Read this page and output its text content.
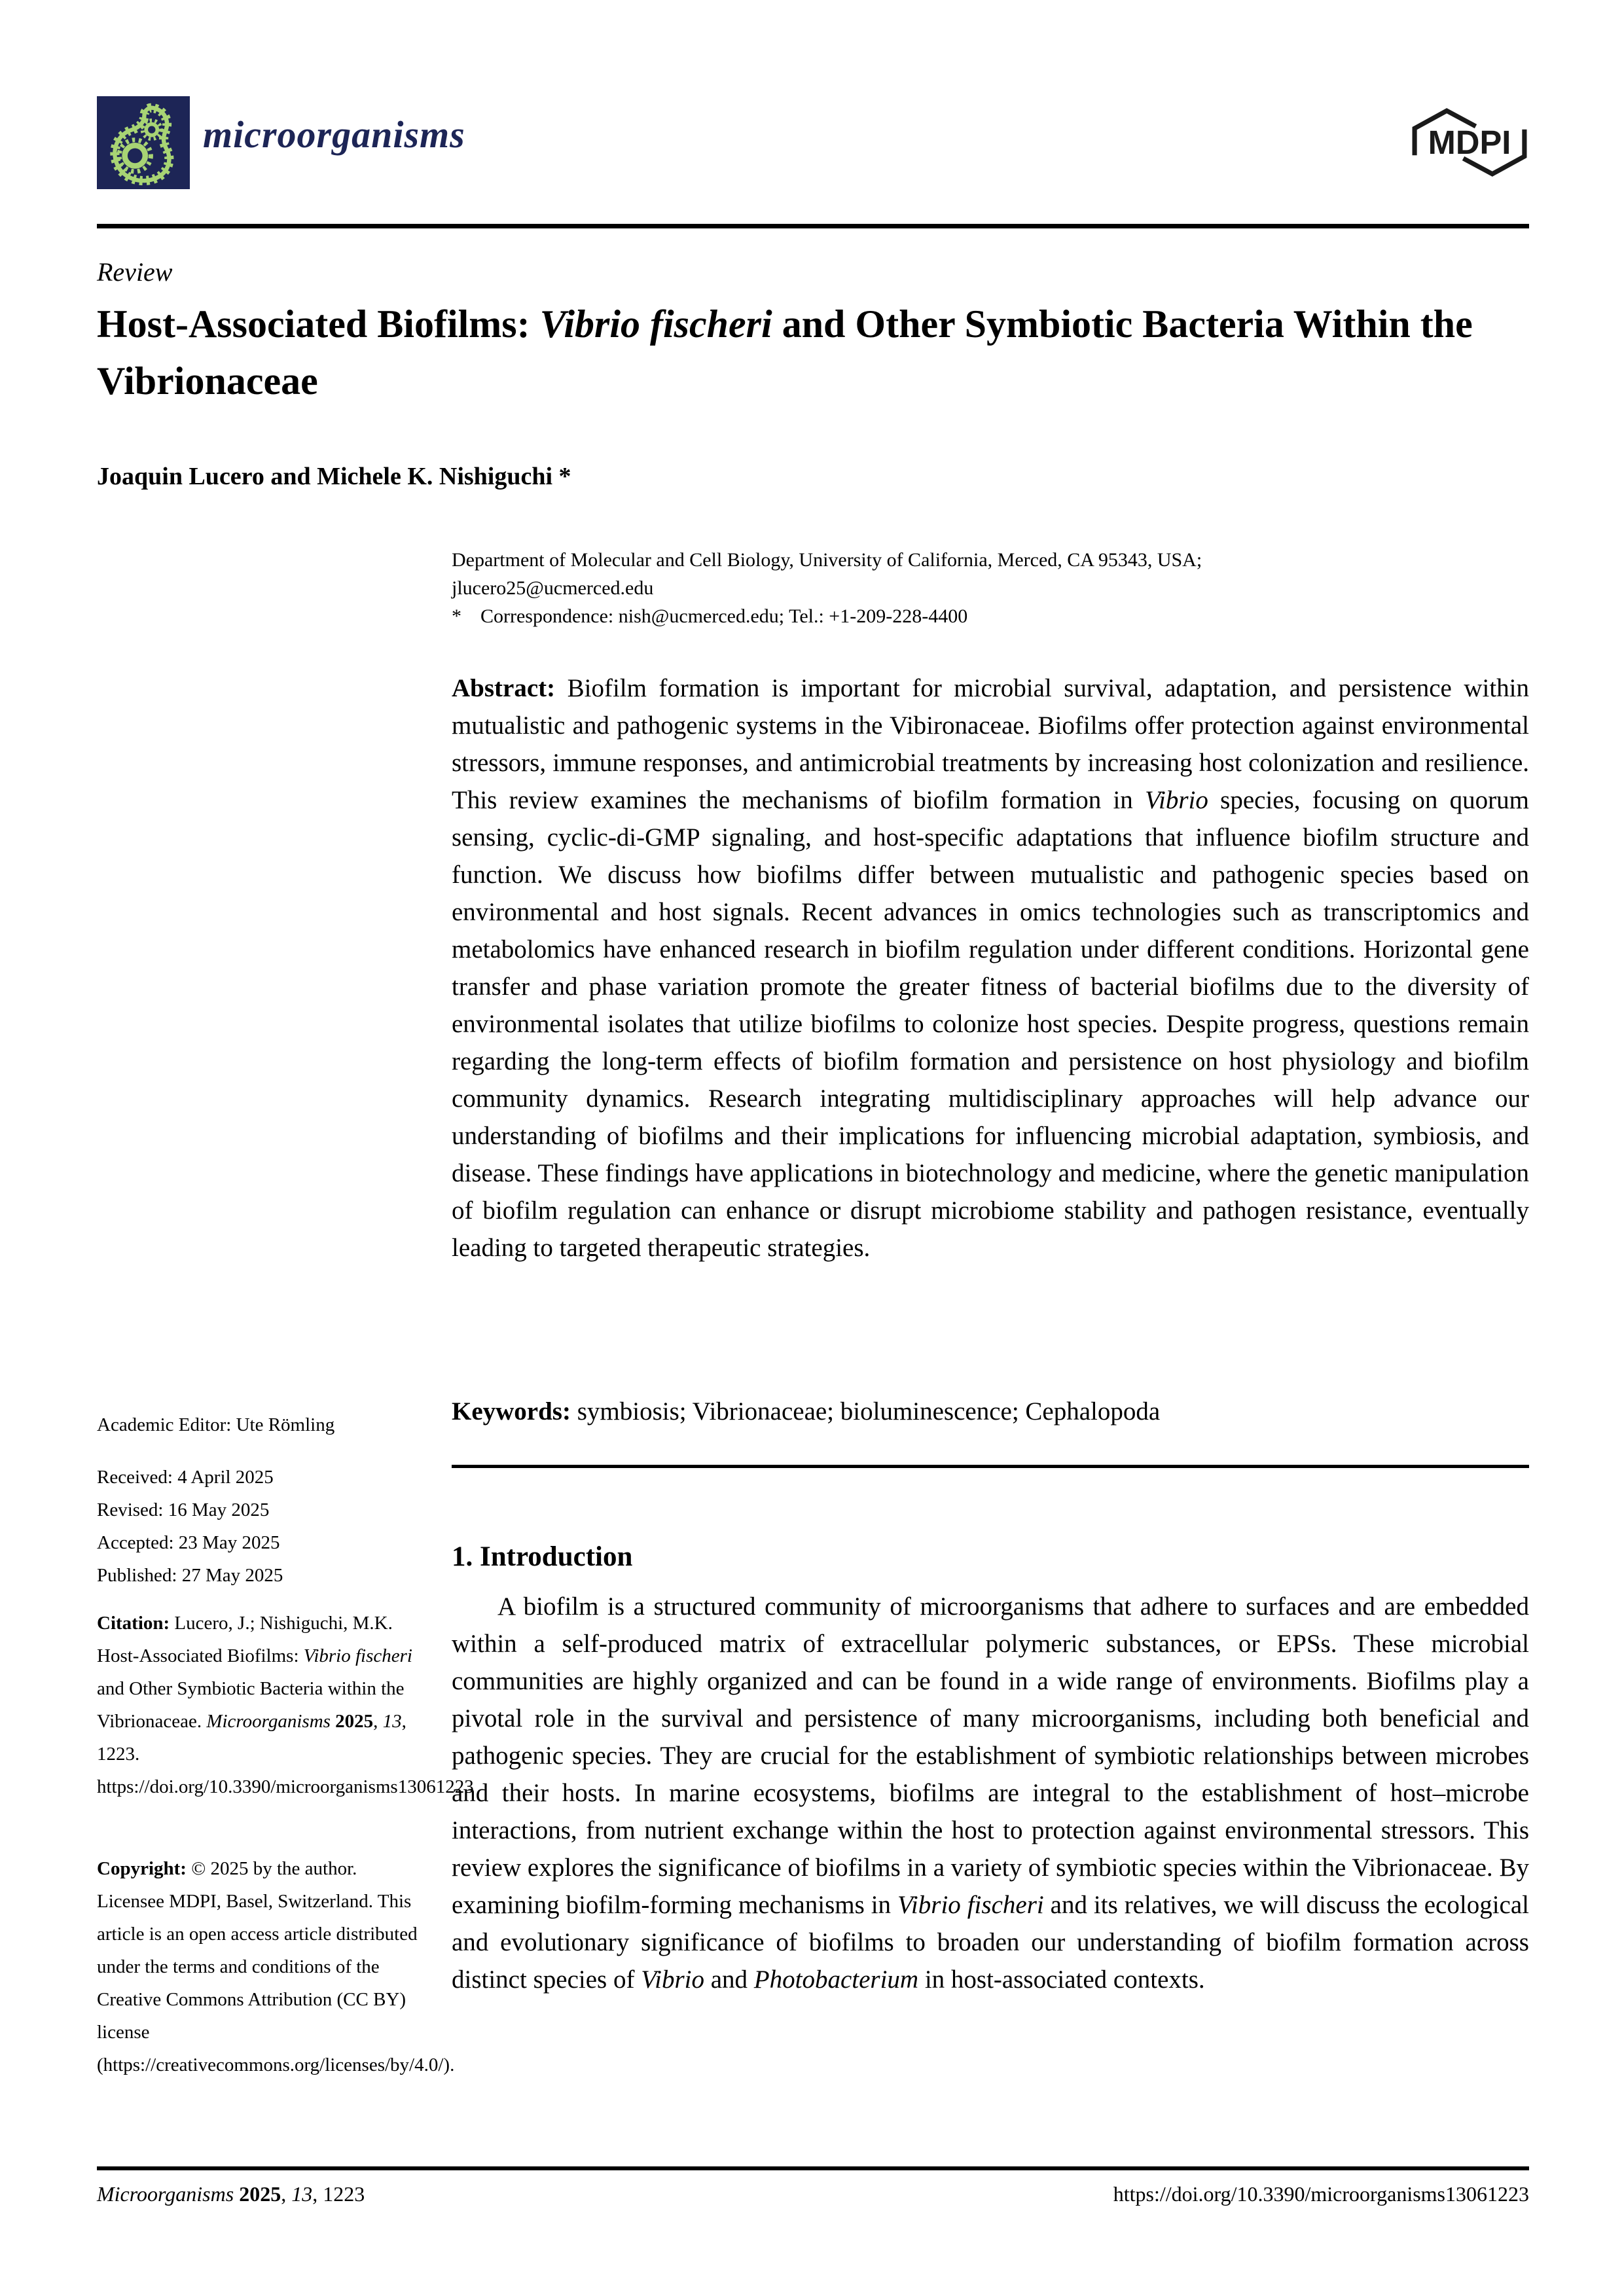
microorganisms	MDPI
Review
Host-Associated Biofilms: Vibrio fischeri and Other Symbiotic Bacteria Within the Vibrionaceae
Joaquin Lucero and Michele K. Nishiguchi *
Department of Molecular and Cell Biology, University of California, Merced, CA 95343, USA;
jlucero25@ucmerced.edu
* Correspondence: nish@ucmerced.edu; Tel.: +1-209-228-4400
Abstract: Biofilm formation is important for microbial survival, adaptation, and persistence within mutualistic and pathogenic systems in the Vibironaceae. Biofilms offer protection against environmental stressors, immune responses, and antimicrobial treatments by increasing host colonization and resilience. This review examines the mechanisms of biofilm formation in Vibrio species, focusing on quorum sensing, cyclic-di-GMP signaling, and host-specific adaptations that influence biofilm structure and function. We discuss how biofilms differ between mutualistic and pathogenic species based on environmental and host signals. Recent advances in omics technologies such as transcriptomics and metabolomics have enhanced research in biofilm regulation under different conditions. Horizontal gene transfer and phase variation promote the greater fitness of bacterial biofilms due to the diversity of environmental isolates that utilize biofilms to colonize host species. Despite progress, questions remain regarding the long-term effects of biofilm formation and persistence on host physiology and biofilm community dynamics. Research integrating multidisciplinary approaches will help advance our understanding of biofilms and their implications for influencing microbial adaptation, symbiosis, and disease. These findings have applications in biotechnology and medicine, where the genetic manipulation of biofilm regulation can enhance or disrupt microbiome stability and pathogen resistance, eventually leading to targeted therapeutic strategies.
Keywords: symbiosis; Vibrionaceae; bioluminescence; Cephalopoda
1. Introduction
A biofilm is a structured community of microorganisms that adhere to surfaces and are embedded within a self-produced matrix of extracellular polymeric substances, or EPSs. These microbial communities are highly organized and can be found in a wide range of environments. Biofilms play a pivotal role in the survival and persistence of many microorganisms, including both beneficial and pathogenic species. They are crucial for the establishment of symbiotic relationships between microbes and their hosts. In marine ecosystems, biofilms are integral to the establishment of host–microbe interactions, from nutrient exchange within the host to protection against environmental stressors. This review explores the significance of biofilms in a variety of symbiotic species within the Vibrionaceae. By examining biofilm-forming mechanisms in Vibrio fischeri and its relatives, we will discuss the ecological and evolutionary significance of biofilms to broaden our understanding of biofilm formation across distinct species of Vibrio and Photobacterium in host-associated contexts.
Academic Editor: Ute Römling
Received: 4 April 2025
Revised: 16 May 2025
Accepted: 23 May 2025
Published: 27 May 2025
Citation: Lucero, J.; Nishiguchi, M.K. Host-Associated Biofilms: Vibrio fischeri and Other Symbiotic Bacteria within the Vibrionaceae. Microorganisms 2025, 13, 1223. https://doi.org/10.3390/microorganisms13061223
Copyright: © 2025 by the author. Licensee MDPI, Basel, Switzerland. This article is an open access article distributed under the terms and conditions of the Creative Commons Attribution (CC BY) license (https://creativecommons.org/licenses/by/4.0/).
Microorganisms 2025, 13, 1223	https://doi.org/10.3390/microorganisms13061223
